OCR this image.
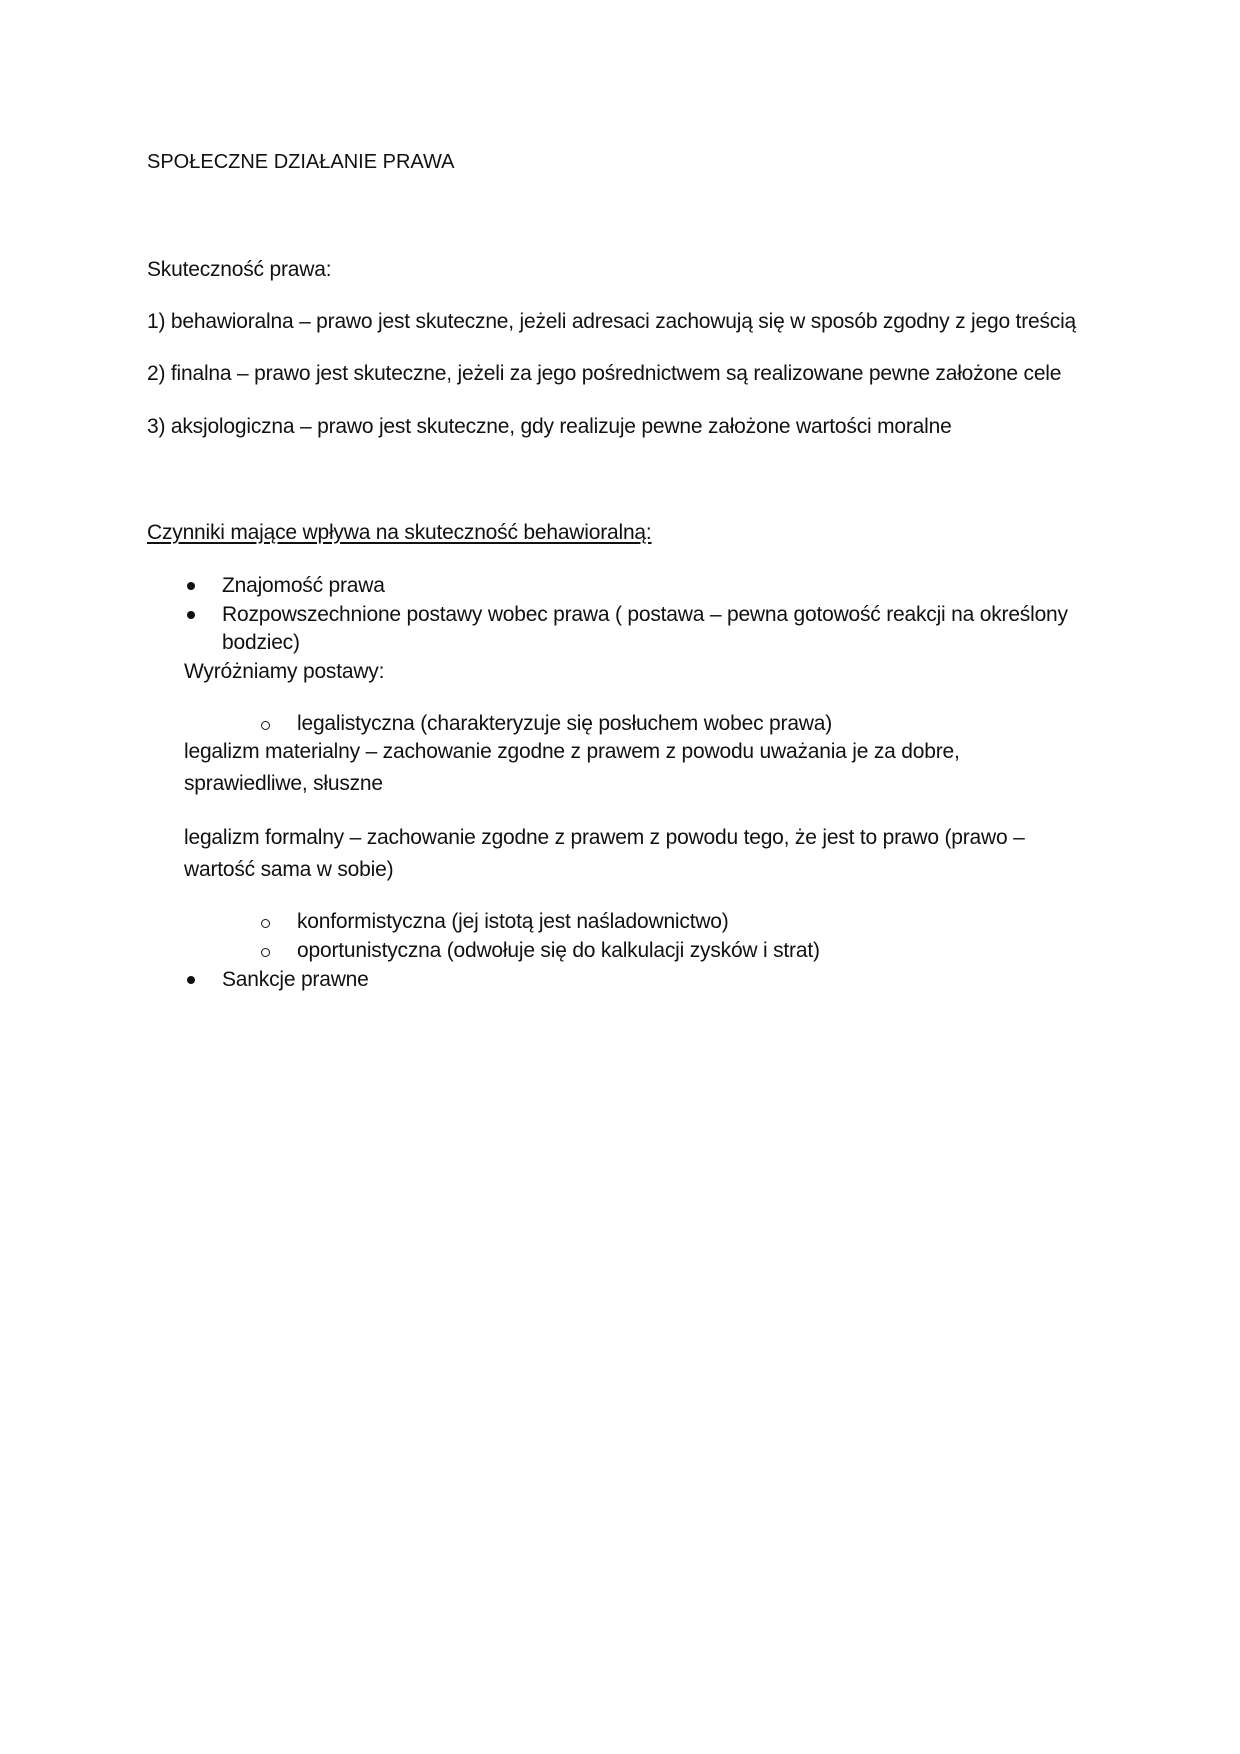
SPOŁECZNE DZIAŁANIE PRAWA
Skuteczność prawa:
1) behawioralna – prawo jest skuteczne, jeżeli adresaci zachowują się w sposób zgodny z jego treścią
2) finalna – prawo jest skuteczne, jeżeli za jego pośrednictwem są realizowane pewne założone cele
3) aksjologiczna – prawo jest skuteczne, gdy realizuje pewne założone wartości moralne
Czynniki mające wpływa na skuteczność behawioralną:
Znajomość prawa
Rozpowszechnione postawy wobec prawa ( postawa – pewna gotowość reakcji na określony
bodziec)
Wyróżniamy postawy:
legalistyczna (charakteryzuje się posłuchem wobec prawa)
legalizm materialny – zachowanie zgodne z prawem z powodu uważania je za dobre,
sprawiedliwe, słuszne
legalizm formalny – zachowanie zgodne z prawem z powodu tego, że jest to prawo (prawo –
wartość sama w sobie)
konformistyczna (jej istotą jest naśladownictwo)
oportunistyczna (odwołuje się do kalkulacji zysków i strat)
Sankcje prawne
